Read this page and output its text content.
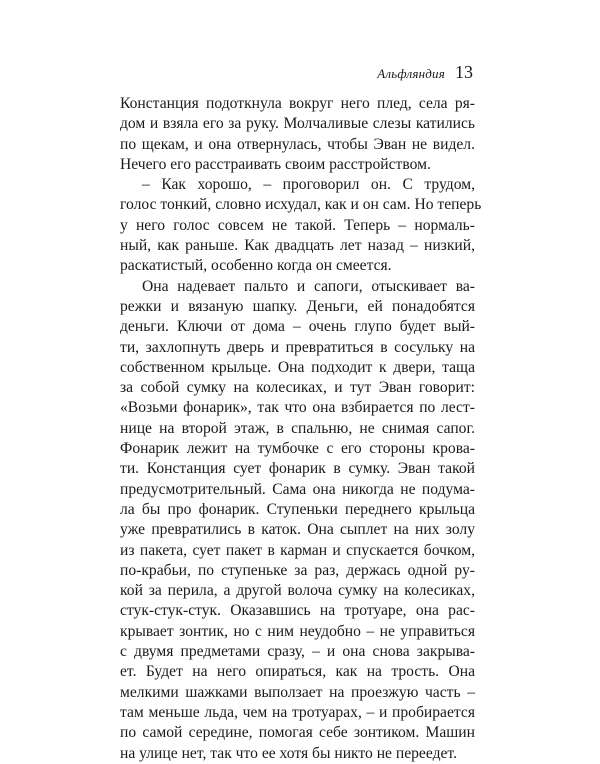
Альфляндия 13
Констанция подоткнула вокруг него плед, села ря-
дом и взяла его за руку. Молчаливые слезы катились
по щекам, и она отвернулась, чтобы Эван не видел.
Нечего его расстраивать своим расстройством.
– Как хорошо, – проговорил он. С трудом,
голос тонкий, словно исхудал, как и он сам. Но теперь
у него голос совсем не такой. Теперь – нормаль-
ный, как раньше. Как двадцать лет назад – низкий,
раскатистый, особенно когда он смеется.
Она надевает пальто и сапоги, отыскивает ва-
режки и вязаную шапку. Деньги, ей понадобятся
деньги. Ключи от дома – очень глупо будет вый-
ти, захлопнуть дверь и превратиться в сосульку на
собственном крыльце. Она подходит к двери, таща
за собой сумку на колесиках, и тут Эван говорит:
«Возьми фонарик», так что она взбирается по лест-
нице на второй этаж, в спальню, не снимая сапог.
Фонарик лежит на тумбочке с его стороны крова-
ти. Констанция сует фонарик в сумку. Эван такой
предусмотрительный. Сама она никогда не подума-
ла бы про фонарик. Ступеньки переднего крыльца
уже превратились в каток. Она сыплет на них золу
из пакета, сует пакет в карман и спускается бочком,
по-крабьи, по ступеньке за раз, держась одной ру-
кой за перила, а другой волоча сумку на колесиках,
стук-стук-стук. Оказавшись на тротуаре, она рас-
крывает зонтик, но с ним неудобно – не управиться
с двумя предметами сразу, – и она снова закрыва-
ет. Будет на него опираться, как на трость. Она
мелкими шажками выползает на проезжую часть –
там меньше льда, чем на тротуарах, – и пробирается
по самой середине, помогая себе зонтиком. Машин
на улице нет, так что ее хотя бы никто не переедет.
